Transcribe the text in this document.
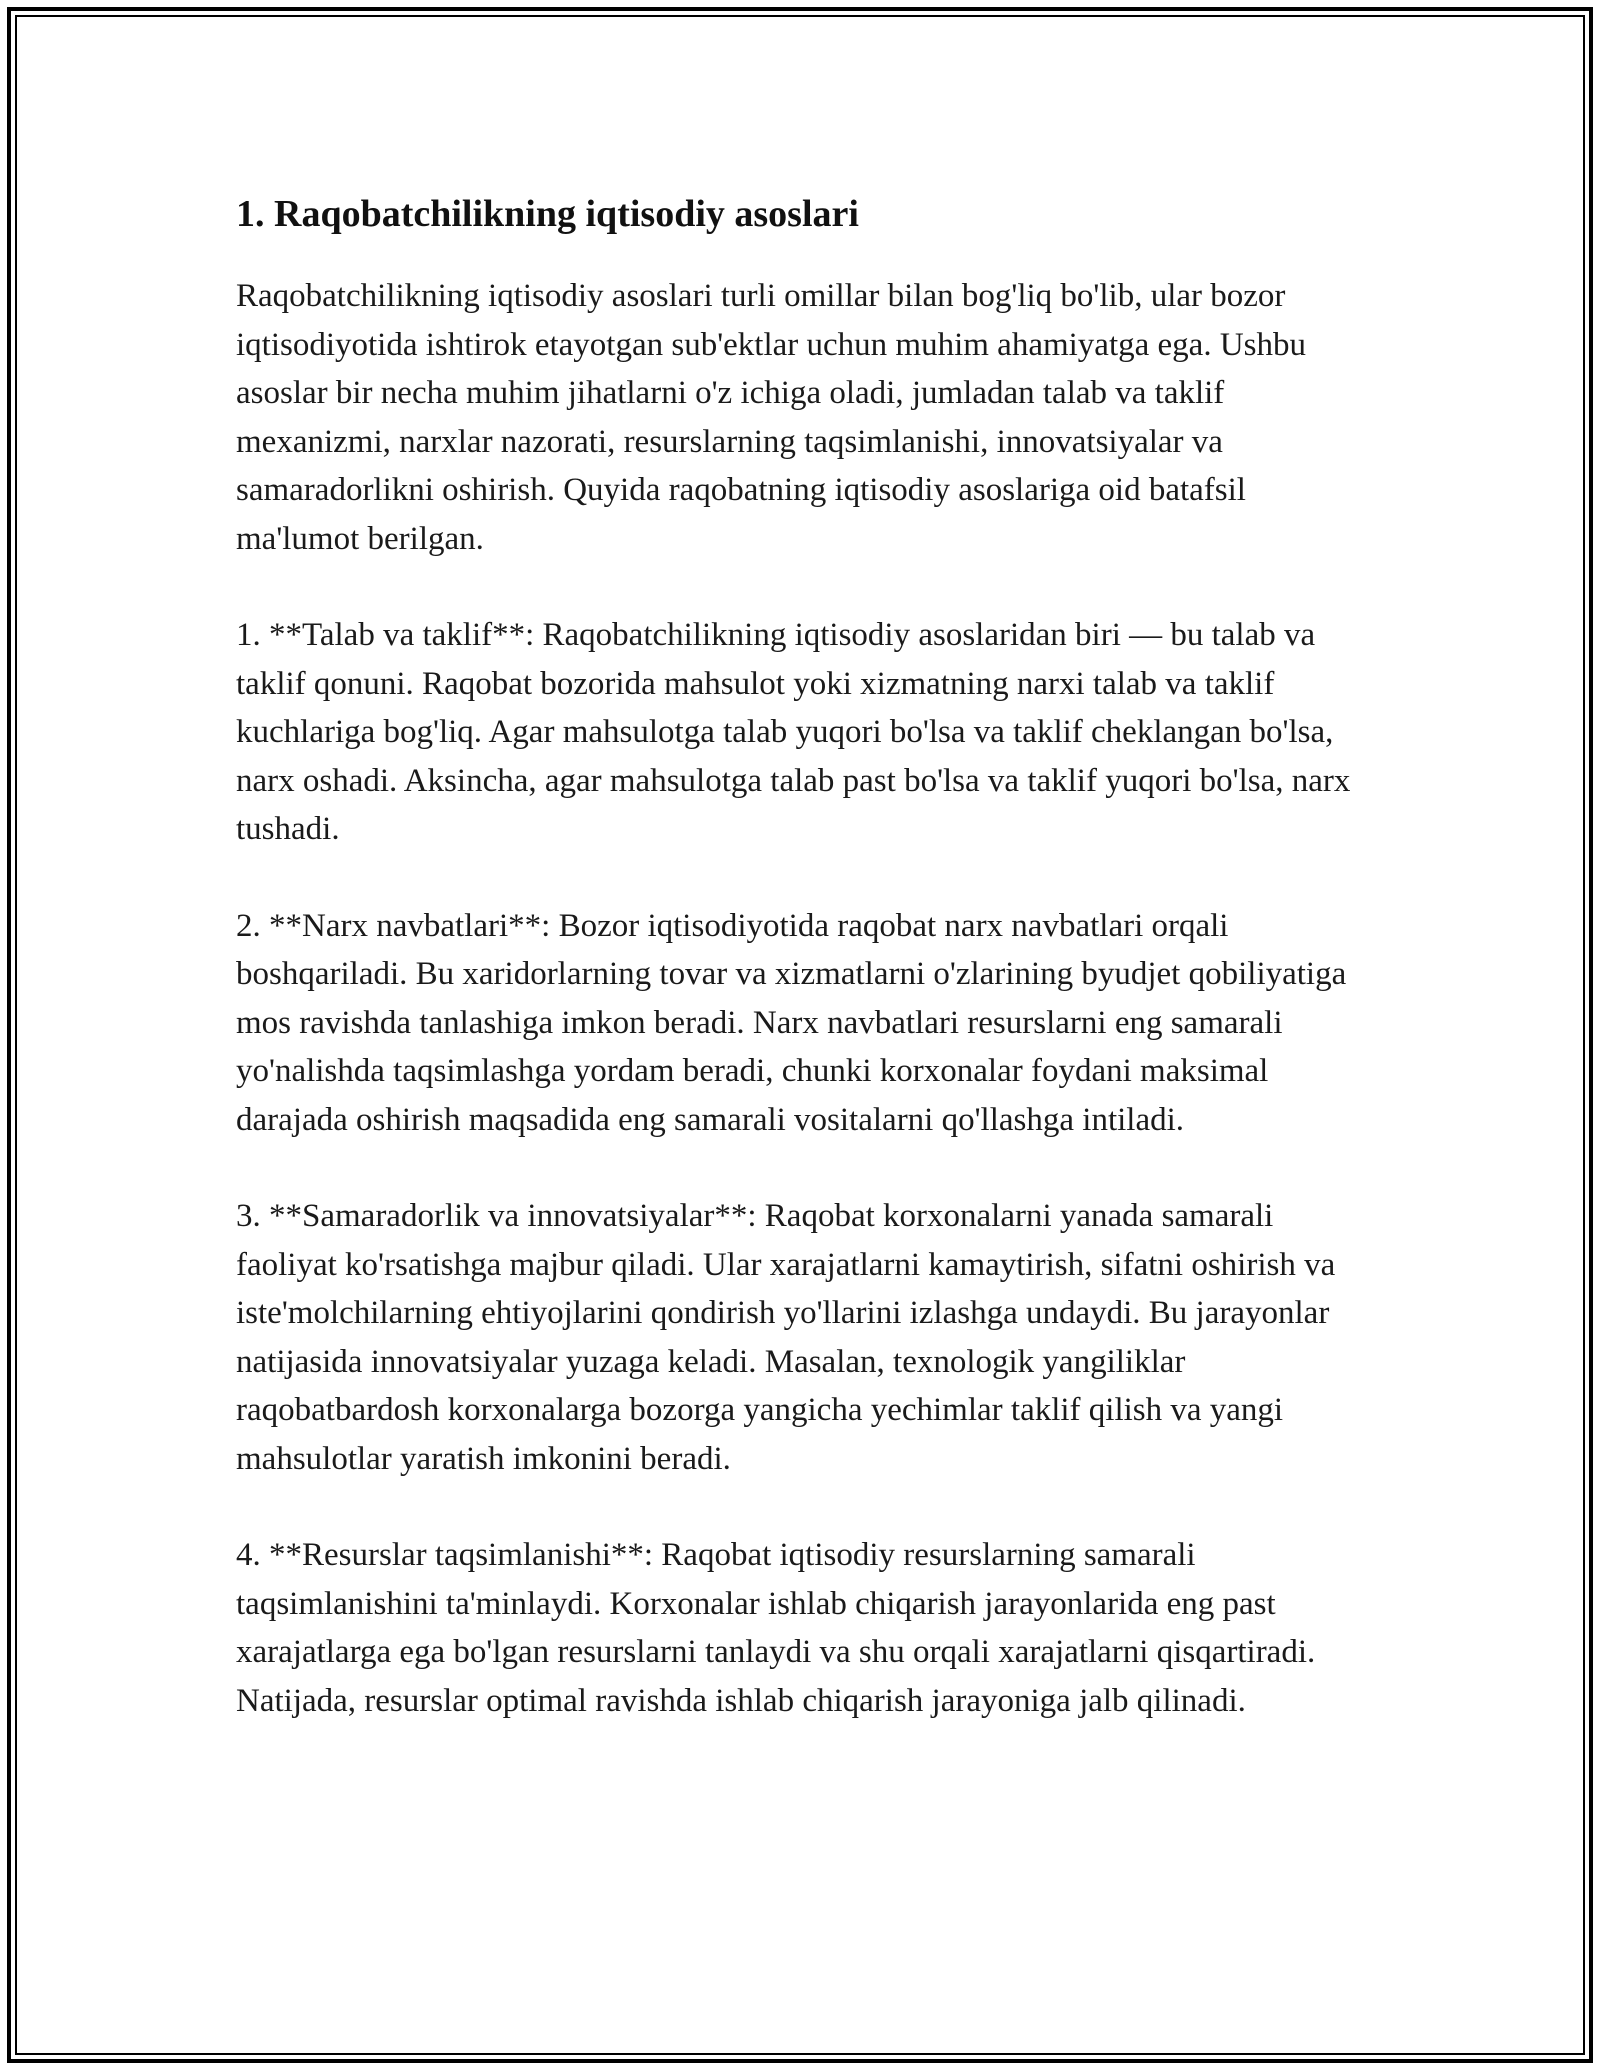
1. Raqobatchilikning iqtisodiy asoslari

Raqobatchilikning iqtisodiy asoslari turli omillar bilan bog'liq bo'lib, ular bozor iqtisodiyotida ishtirok etayotgan sub'ektlar uchun muhim ahamiyatga ega. Ushbu asoslar bir necha muhim jihatlarni o'z ichiga oladi, jumladan talab va taklif mexanizmi, narxlar nazorati, resurslarning taqsimlanishi, innovatsiyalar va samaradorlikni oshirish. Quyida raqobatning iqtisodiy asoslariga oid batafsil ma'lumot berilgan.

1. **Talab va taklif**: Raqobatchilikning iqtisodiy asoslaridan biri — bu talab va taklif qonuni. Raqobat bozorida mahsulot yoki xizmatning narxi talab va taklif kuchlariga bog'liq. Agar mahsulotga talab yuqori bo'lsa va taklif cheklangan bo'lsa, narx oshadi. Aksincha, agar mahsulotga talab past bo'lsa va taklif yuqori bo'lsa, narx tushadi.

2. **Narx navbatlari**: Bozor iqtisodiyotida raqobat narx navbatlari orqali boshqariladi. Bu xaridorlarning tovar va xizmatlarni o'zlarining byudjet qobiliyatiga mos ravishda tanlashiga imkon beradi. Narx navbatlari resurslarni eng samarali yo'nalishda taqsimlashga yordam beradi, chunki korxonalar foydani maksimal darajada oshirish maqsadida eng samarali vositalarni qo'llashga intiladi.

3. **Samaradorlik va innovatsiyalar**: Raqobat korxonalarni yanada samarali faoliyat ko'rsatishga majbur qiladi. Ular xarajatlarni kamaytirish, sifatni oshirish va iste'molchilarning ehtiyojlarini qondirish yo'llarini izlashga undaydi. Bu jarayonlar natijasida innovatsiyalar yuzaga keladi. Masalan, texnologik yangiliklar raqobatbardosh korxonalarga bozorga yangicha yechimlar taklif qilish va yangi mahsulotlar yaratish imkonini beradi.

4. **Resurslar taqsimlanishi**: Raqobat iqtisodiy resurslarning samarali taqsimlanishini ta'minlaydi. Korxonalar ishlab chiqarish jarayonlarida eng past xarajatlarga ega bo'lgan resurslarni tanlaydi va shu orqali xarajatlarni qisqartiradi. Natijada, resurslar optimal ravishda ishlab chiqarish jarayoniga jalb qilinadi.
